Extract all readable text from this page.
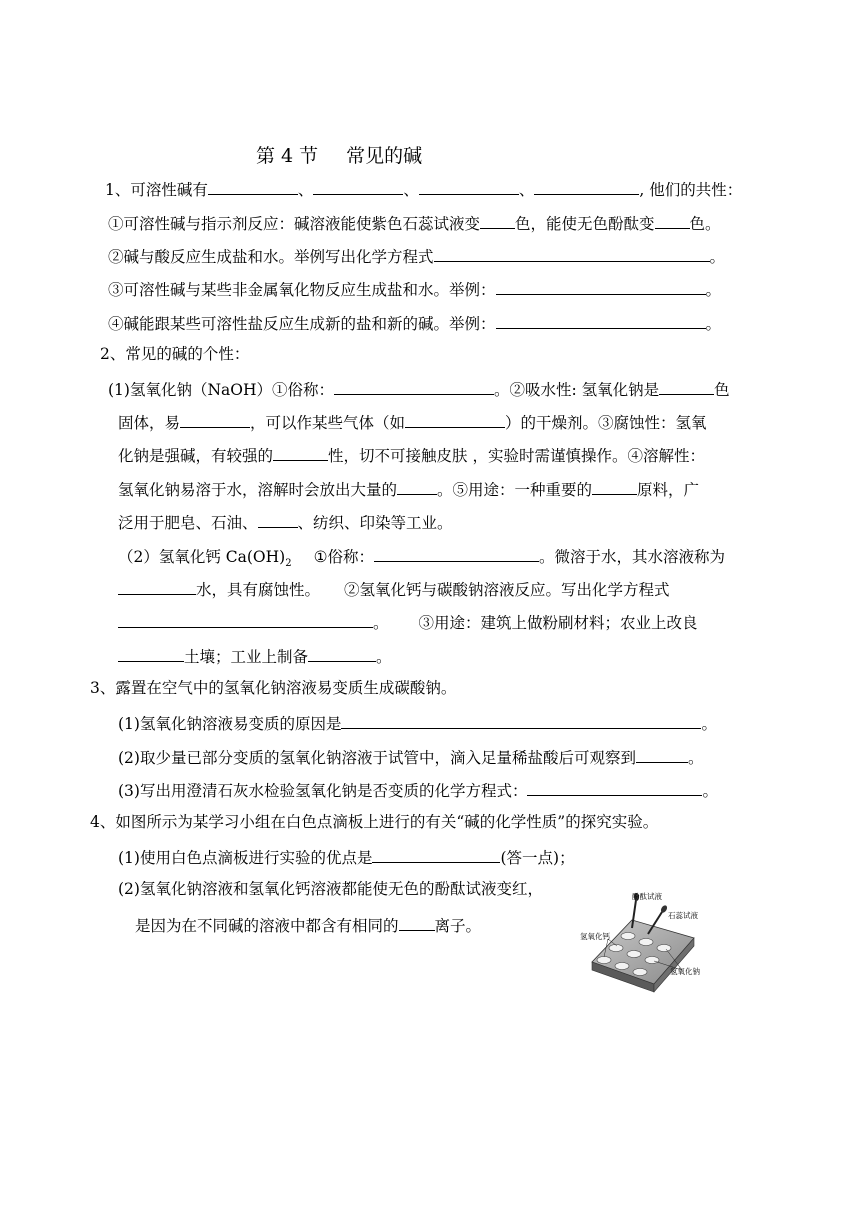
第 4 节 常见的碱
1、可溶性碱有	、	、	、	, 他们的共性：
①可溶性碱与指示剂反应：碱溶液能使紫色石蕊试液变 色，能使无色酚酞变 色。
②碱与酸反应生成盐和水。举例写出化学方程式	。
③可溶性碱与某些非金属氧化物反应生成盐和水。举例：	。
④碱能跟某些可溶性盐反应生成新的盐和新的碱。举例：	。
2、常见的碱的个性：
(1)氢氧化钠（NaOH）①俗称：	。②吸水性: 氢氧化钠是	色
固体，易	，可以作某些气体（如	）的干燥剂。③腐蚀性：氢氧
化钠是强碱，有较强的	性，切不可接触皮肤 ，实验时需谨慎操作。④溶解性：
氢氧化钠易溶于水，溶解时会放出大量的	。⑤用途：一种重要的	原料，广
泛用于肥皂、石油、	、纺织、印染等工业。
（2）氢氧化钙 $Ca(OH)_2$ ①俗称：	。微溶于水，其水溶液称为
水，具有腐蚀性。 ②氢氧化钙与碳酸钠溶液反应。写出化学方程式
。 ③用途：建筑上做粉刷材料；农业上改良
土壤；工业上制备	。
3、露置在空气中的氢氧化钠溶液易变质生成碳酸钠。
(1)氢氧化钠溶液易变质的原因是	。
(2)取少量已部分变质的氢氧化钠溶液于试管中，滴入足量稀盐酸后可观察到	。
(3)写出用澄清石灰水检验氢氧化钠是否变质的化学方程式：	。
4、如图所示为某学习小组在白色点滴板上进行的有关“碱的化学性质”的探究实验。
(1)使用白色点滴板进行实验的优点是	(答一点)；
(2)氢氧化钠溶液和氢氧化钙溶液都能使无色的酚酞试液变红，
是因为在不同碱的溶液中都含有相同的 离子。
酚酞试液
石蕊试液
氢氧化钙
氢氧化钠
